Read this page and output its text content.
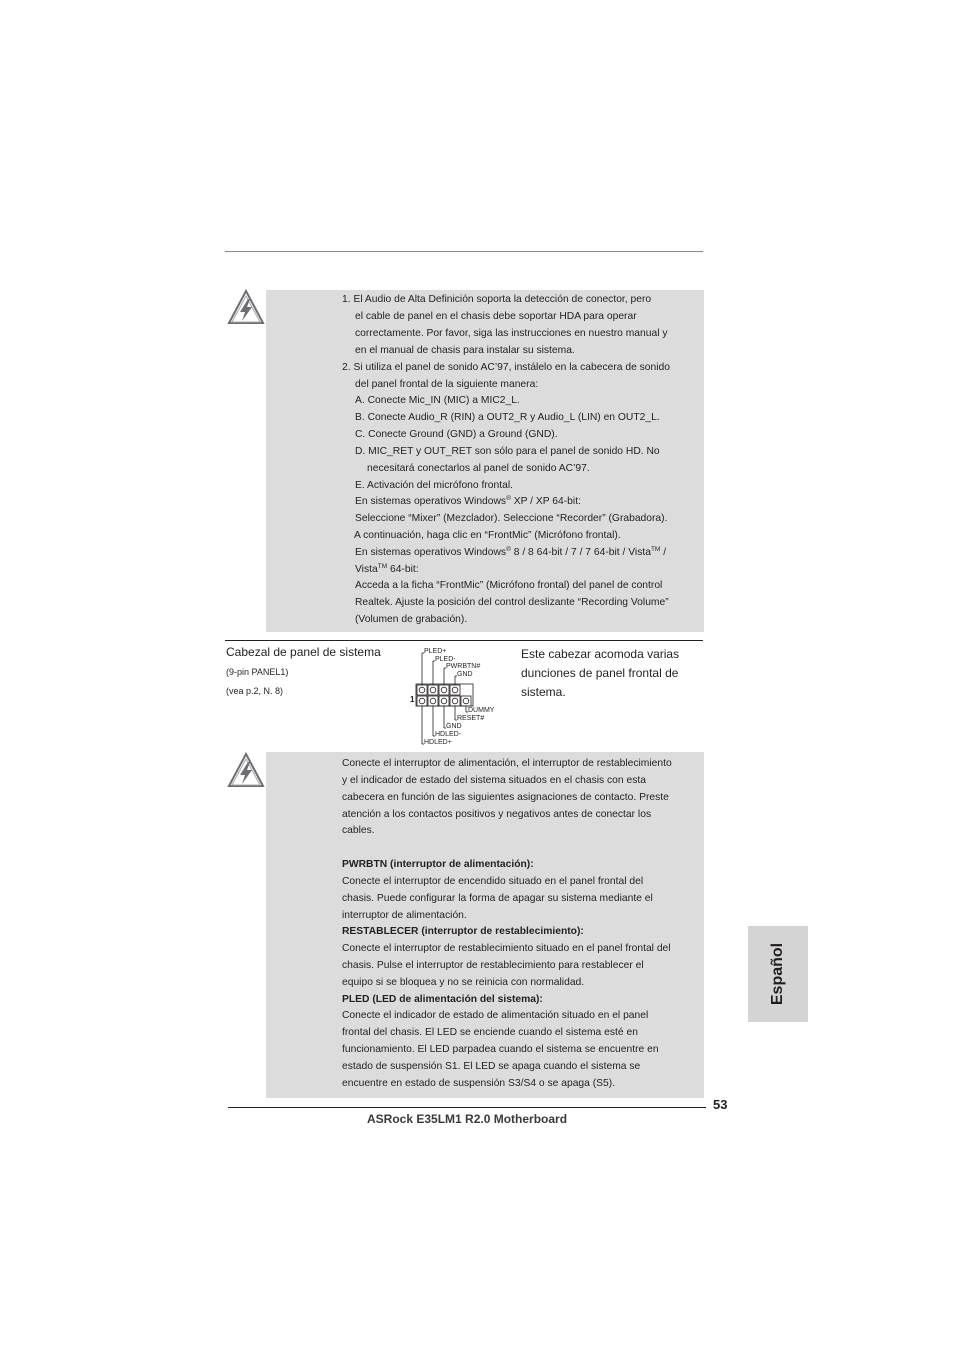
1. El Audio de Alta Definición soporta la detección de conector, pero
el cable de panel en el chasis debe soportar HDA para operar
correctamente. Por favor, siga las instrucciones en nuestro manual y
en el manual de chasis para instalar su sistema.
2. Si utiliza el panel de sonido AC’97, instálelo en la cabecera de sonido
del panel frontal de la siguiente manera:
A. Conecte Mic_IN (MIC) a MIC2_L.
B. Conecte Audio_R (RIN) a OUT2_R y Audio_L (LIN) en OUT2_L.
C. Conecte Ground (GND) a Ground (GND).
D. MIC_RET y OUT_RET son sólo para el panel de sonido HD. No
necesitará conectarlos al panel de sonido AC’97.
E. Activación del micrófono frontal.
En sistemas operativos Windows® XP / XP 64-bit:
Seleccione “Mixer” (Mezclador). Seleccione “Recorder” (Grabadora).
A continuación, haga clic en “FrontMic” (Micrófono frontal).
En sistemas operativos Windows® 8 / 8 64-bit / 7 / 7 64-bit / Vista™ /
Vista™ 64-bit:
Acceda a la ficha “FrontMic” (Micrófono frontal) del panel de control
Realtek. Ajuste la posición del control deslizante “Recording Volume”
(Volumen de grabación).
Cabezal de panel de sistema
(9-pin PANEL1)
(vea p.2, N. 8)
PLED+
PLED-
PWRBTN#
GND
1
DUMMY
RESET#
GND
HDLED-
HDLED+
Este cabezar acomoda varias
dunciones de panel frontal de
sistema.
Conecte el interruptor de alimentación, el interruptor de restablecimiento
y el indicador de estado del sistema situados en el chasis con esta
cabecera en función de las siguientes asignaciones de contacto. Preste
atención a los contactos positivos y negativos antes de conectar los
cables.
PWRBTN (interruptor de alimentación):
Conecte el interruptor de encendido situado en el panel frontal del
chasis. Puede configurar la forma de apagar su sistema mediante el
interruptor de alimentación.
RESTABLECER (interruptor de restablecimiento):
Conecte el interruptor de restablecimiento situado en el panel frontal del
chasis. Pulse el interruptor de restablecimiento para restablecer el
equipo si se bloquea y no se reinicia con normalidad.
PLED (LED de alimentación del sistema):
Conecte el indicador de estado de alimentación situado en el panel
frontal del chasis. El LED se enciende cuando el sistema esté en
funcionamiento. El LED parpadea cuando el sistema se encuentre en
estado de suspensión S1. El LED se apaga cuando el sistema se
encuentre en estado de suspensión S3/S4 o se apaga (S5).
Español
53
ASRock E35LM1 R2.0 Motherboard
